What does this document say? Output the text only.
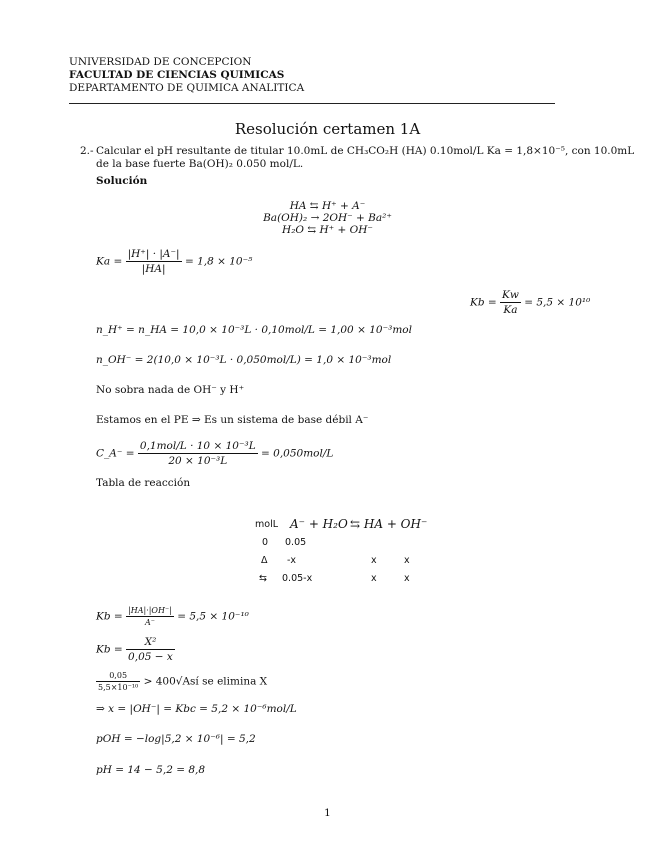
UNIVERSIDAD DE CONCEPCION
FACULTAD DE CIENCIAS QUIMICAS
DEPARTAMENTO DE QUIMICA ANALITICA
Resolución certamen 1A
2.- Calcular el pH resultante de titular 10.0mL de CH₃CO₂H (HA) 0.10mol/L Ka = 1,8×10⁻⁵, con 10.0mL
de la base fuerte Ba(OH)₂ 0.050 mol/L.
Solución
HA ⇆ H⁺ + A⁻
Ba(OH)₂ → 2OH⁻ + Ba²⁺
H₂O ⇆ H⁺ + OH⁻
$Ka = \frac{|H^+| \cdot |A^-|}{|HA|} = 1,8 \times 10^{-5}$
$Kb = \frac{Kw}{Ka} = 5,5 \times 10^{10}$
n_H⁺ = n_HA = 10,0 × 10⁻³L · 0,10mol/L = 1,00 × 10⁻³mol
n_OH⁻ = 2(10,0 × 10⁻³L · 0,050mol/L) = 1,0 × 10⁻³mol
No sobra nada de OH⁻ y H⁺
Estamos en el PE ⇒ Es un sistema de base débil A⁻
C_A⁻ = $\frac{\text{0,1mol/L · 10 × 10⁻³L}}{\text{20 × 10⁻³L}} = 0,050mol/L$
Tabla de reacción
molL A⁻ + H₂O ⇆ HA + OH⁻
0 0.05
Δ -x	x	x
⇆ 0.05-x	x	x
$Kb = \frac{|HA|\cdot|OH^-|}{A^-} = 5,5 \times 10^{-10}$
$Kb = \frac{\text{X²}}{0,05 - x}$
$\frac{0,05}{\text{5,5×10⁻¹⁰}}$ > 400√Así se elimina X
⇒ x = |OH⁻| = Kbc = 5,2 × 10⁻⁶mol/L
pOH = −log|5,2 × 10⁻⁶| = 5,2
pH = 14 − 5,2 = 8,8
1
